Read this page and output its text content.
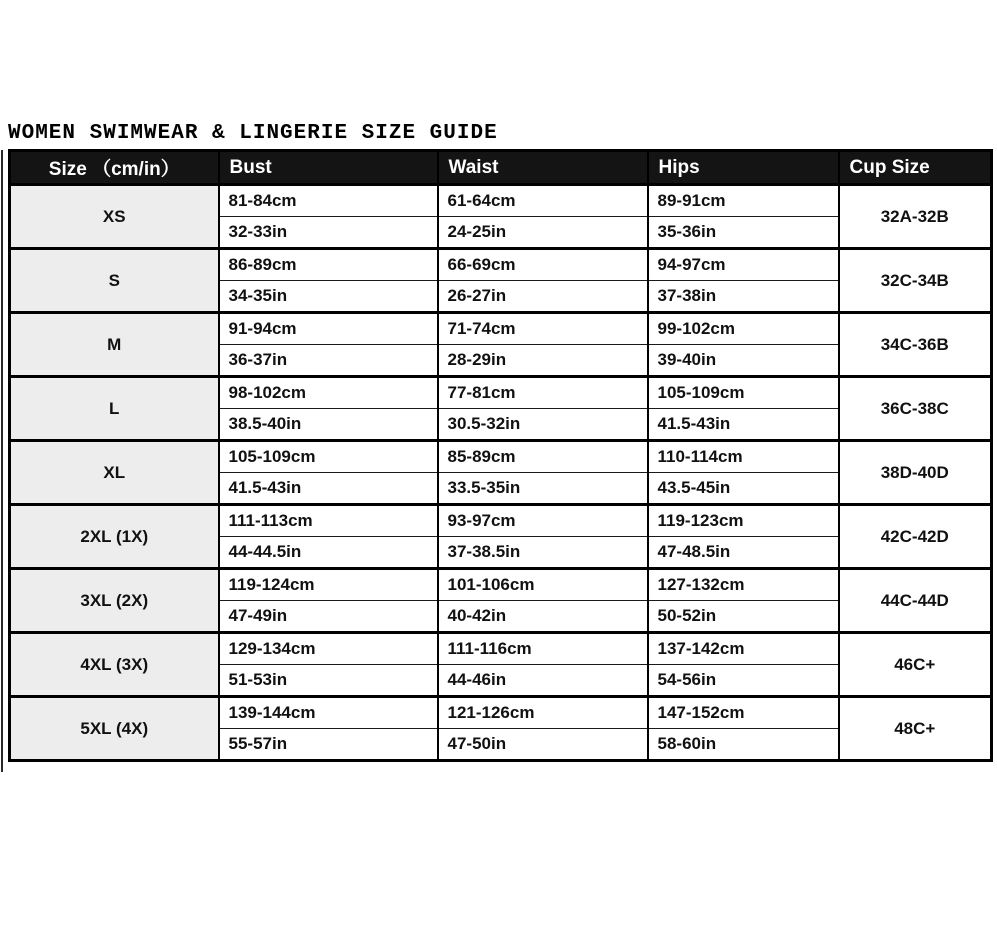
WOMEN SWIMWEAR & LINGERIE SIZE GUIDE
Size （cm/in）	Bust	Waist	Hips	Cup Size
XS	81-84cm	61-64cm	89-91cm	32A-32B
	32-33in	24-25in	35-36in	
S	86-89cm	66-69cm	94-97cm	32C-34B
	34-35in	26-27in	37-38in	
M	91-94cm	71-74cm	99-102cm	34C-36B
	36-37in	28-29in	39-40in	
L	98-102cm	77-81cm	105-109cm	36C-38C
	38.5-40in	30.5-32in	41.5-43in	
XL	105-109cm	85-89cm	110-114cm	38D-40D
	41.5-43in	33.5-35in	43.5-45in	
2XL (1X)	111-113cm	93-97cm	119-123cm	42C-42D
	44-44.5in	37-38.5in	47-48.5in	
3XL (2X)	119-124cm	101-106cm	127-132cm	44C-44D
	47-49in	40-42in	50-52in	
4XL (3X)	129-134cm	111-116cm	137-142cm	46C+
	51-53in	44-46in	54-56in	
5XL (4X)	139-144cm	121-126cm	147-152cm	48C+
	55-57in	47-50in	58-60in	
